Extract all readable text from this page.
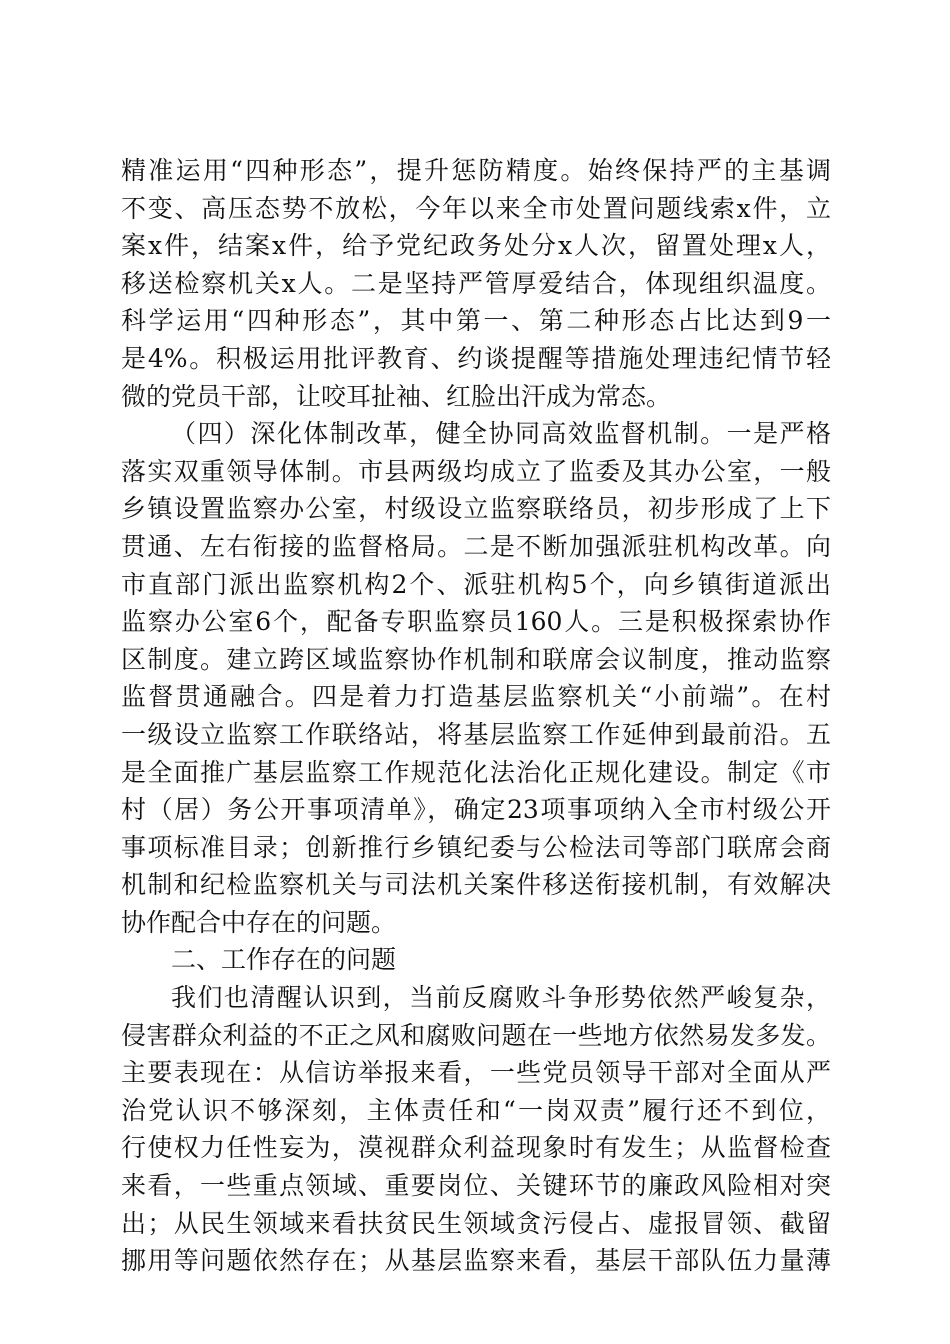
精准运用“四种形态”，提升惩防精度。始终保持严的主基调
不变、高压态势不放松，今年以来全市处置问题线索x件，立
案x件，结案x件，给予党纪政务处分x人次，留置处理x人，
移送检察机关x人。二是坚持严管厚爱结合，体现组织温度。
科学运用“四种形态”，其中第一、第二种形态占比达到9一
是4%。积极运用批评教育、约谈提醒等措施处理违纪情节轻
微的党员干部，让咬耳扯袖、红脸出汗成为常态。
（四）深化体制改革，健全协同高效监督机制。一是严格
落实双重领导体制。市县两级均成立了监委及其办公室，一般
乡镇设置监察办公室，村级设立监察联络员，初步形成了上下
贯通、左右衔接的监督格局。二是不断加强派驻机构改革。向
市直部门派出监察机构2个、派驻机构5个，向乡镇街道派出
监察办公室6个，配备专职监察员160人。三是积极探索协作
区制度。建立跨区域监察协作机制和联席会议制度，推动监察
监督贯通融合。四是着力打造基层监察机关“小前端”。在村
一级设立监察工作联络站，将基层监察工作延伸到最前沿。五
是全面推广基层监察工作规范化法治化正规化建设。制定《市
村（居）务公开事项清单》，确定23项事项纳入全市村级公开
事项标准目录；创新推行乡镇纪委与公检法司等部门联席会商
机制和纪检监察机关与司法机关案件移送衔接机制，有效解决
协作配合中存在的问题。
二、工作存在的问题
我们也清醒认识到，当前反腐败斗争形势依然严峻复杂，
侵害群众利益的不正之风和腐败问题在一些地方依然易发多发。
主要表现在：从信访举报来看，一些党员领导干部对全面从严
治党认识不够深刻，主体责任和“一岗双责”履行还不到位，
行使权力任性妄为，漠视群众利益现象时有发生；从监督检查
来看，一些重点领域、重要岗位、关键环节的廉政风险相对突
出；从民生领域来看扶贫民生领域贪污侵占、虚报冒领、截留
挪用等问题依然存在；从基层监察来看，基层干部队伍力量薄
